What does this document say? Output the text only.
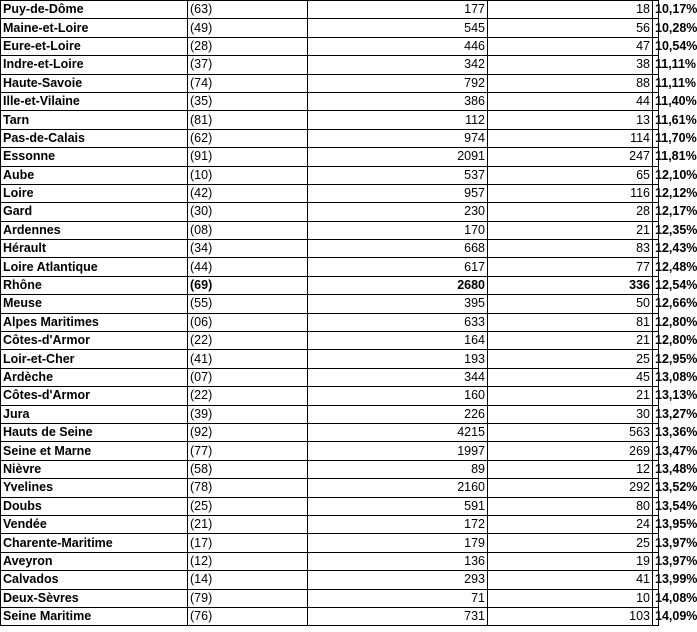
Puy-de-Dôme	(63)	177	18	10,17%
Maine-et-Loire	(49)	545	56	10,28%
Eure-et-Loire	(28)	446	47	10,54%
Indre-et-Loire	(37)	342	38	11,11%
Haute-Savoie	(74)	792	88	11,11%
Ille-et-Vilaine	(35)	386	44	11,40%
Tarn	(81)	112	13	11,61%
Pas-de-Calais	(62)	974	114	11,70%
Essonne	(91)	2091	247	11,81%
Aube	(10)	537	65	12,10%
Loire	(42)	957	116	12,12%
Gard	(30)	230	28	12,17%
Ardennes	(08)	170	21	12,35%
Hérault	(34)	668	83	12,43%
Loire Atlantique	(44)	617	77	12,48%
Rhône	(69)	2680	336	12,54%
Meuse	(55)	395	50	12,66%
Alpes Maritimes	(06)	633	81	12,80%
Côtes-d'Armor	(22)	164	21	12,80%
Loir-et-Cher	(41)	193	25	12,95%
Ardèche	(07)	344	45	13,08%
Côtes-d'Armor	(22)	160	21	13,13%
Jura	(39)	226	30	13,27%
Hauts de Seine	(92)	4215	563	13,36%
Seine et Marne	(77)	1997	269	13,47%
Nièvre	(58)	89	12	13,48%
Yvelines	(78)	2160	292	13,52%
Doubs	(25)	591	80	13,54%
Vendée	(21)	172	24	13,95%
Charente-Maritime	(17)	179	25	13,97%
Aveyron	(12)	136	19	13,97%
Calvados	(14)	293	41	13,99%
Deux-Sèvres	(79)	71	10	14,08%
Seine Maritime	(76)	731	103	14,09%
